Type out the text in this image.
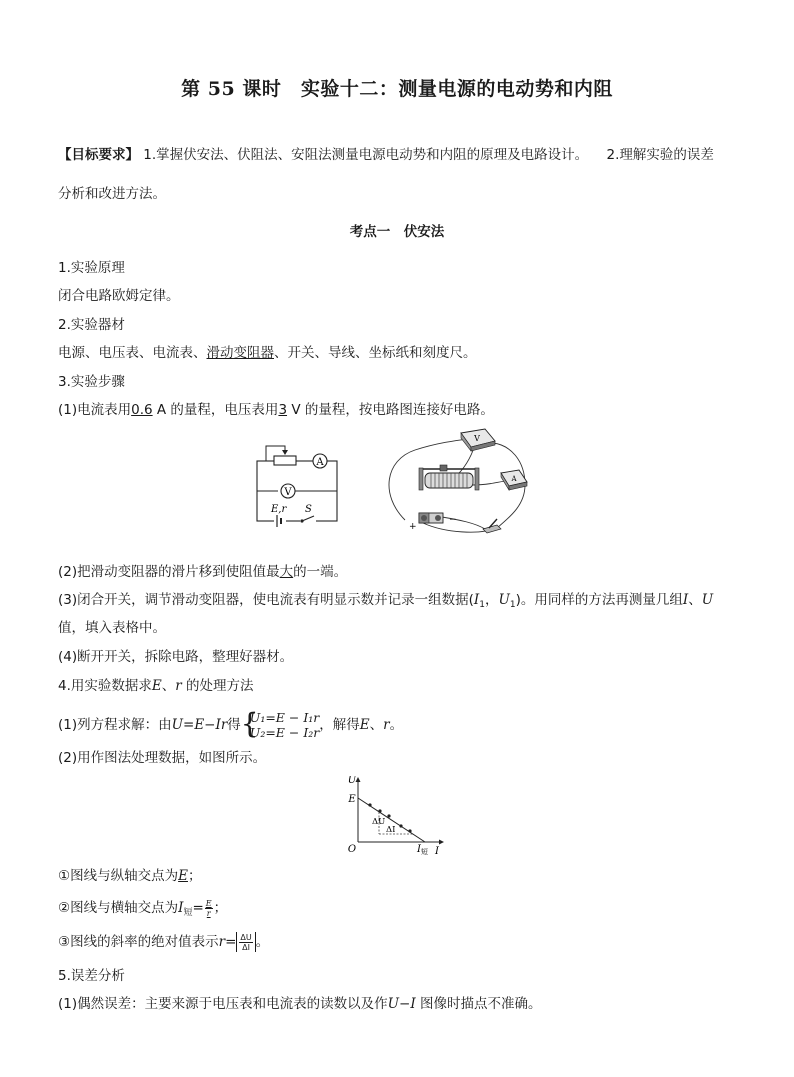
第 55 课时　实验十二：测量电源的电动势和内阻
【目标要求】 1.掌握伏安法、伏阻法、安阻法测量电源电动势和内阻的原理及电路设计。 2.理解实验的误差
分析和改进方法。
考点一　伏安法
1.实验原理
闭合电路欧姆定律。
2.实验器材
电源、电压表、电流表、滑动变阻器、开关、导线、坐标纸和刻度尺。
3.实验步骤
(1)电流表用0.6 A 的量程，电压表用3 V 的量程，按电路图连接好电路。
A
V
E,r S
V
A
+
−
(2)把滑动变阻器的滑片移到使阻值最大的一端。
(3)闭合开关，调节滑动变阻器，使电流表有明显示数并记录一组数据($I_1$，$U_1$)。用同样的方法再测量几组I、U
值，填入表格中。
(4)断开开关，拆除电路，整理好器材。
4.用实验数据求E、r 的处理方法
(1)列方程求解：由U=E−Ir得 {
U₁=E − I₁r
U₂=E − I₂r ，解得E、r。
(2)用作图法处理数据，如图所示。
U
E
O
ΔU
ΔI
$I_短$ I
①图线与纵轴交点为E；
②图线与横轴交点为$I_短= \frac{E}{r}$ ；
③图线的斜率的绝对值表示$r= \frac{\Delta U}{\Delta I}$ 。
5.误差分析
(1)偶然误差：主要来源于电压表和电流表的读数以及作U−I 图像时描点不准确。
